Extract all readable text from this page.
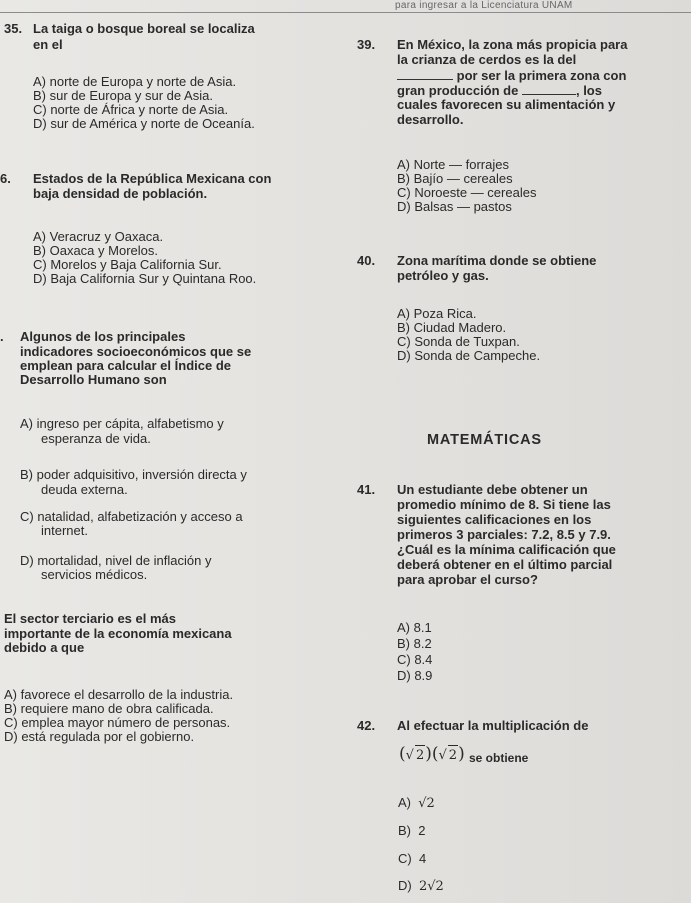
para ingresar a la Licenciatura UNAM
35. La taiga o bosque boreal se localiza
en el
A) norte de Europa y norte de Asia.
B) sur de Europa y sur de Asia.
C) norte de África y norte de Asia.
D) sur de América y norte de Oceanía.
6. Estados de la República Mexicana con
baja densidad de población.
A) Veracruz y Oaxaca.
B) Oaxaca y Morelos.
C) Morelos y Baja California Sur.
D) Baja California Sur y Quintana Roo.
. Algunos de los principales
indicadores socioeconómicos que se
emplean para calcular el Índice de
Desarrollo Humano son
A) ingreso per cápita, alfabetismo y
esperanza de vida.
B) poder adquisitivo, inversión directa y
deuda externa.
C) natalidad, alfabetización y acceso a
internet.
D) mortalidad, nivel de inflación y
servicios médicos.
El sector terciario es el más
importante de la economía mexicana
debido a que
A) favorece el desarrollo de la industria.
B) requiere mano de obra calificada.
C) emplea mayor número de personas.
D) está regulada por el gobierno.
39. En México, la zona más propicia para
la crianza de cerdos es la del
por ser la primera zona con
gran producción de	, los
cuales favorecen su alimentación y
desarrollo.
A) Norte — forrajes
B) Bajío — cereales
C) Noroeste — cereales
D) Balsas — pastos
40. Zona marítima donde se obtiene
petróleo y gas.
A) Poza Rica.
B) Ciudad Madero.
C) Sonda de Tuxpan.
D) Sonda de Campeche.
MATEMÁTICAS
41. Un estudiante debe obtener un
promedio mínimo de 8. Si tiene las
siguientes calificaciones en los
primeros 3 parciales: 7.2, 8.5 y 7.9.
¿Cuál es la mínima calificación que
deberá obtener en el último parcial
para aprobar el curso?
A) 8.1
B) 8.2
C) 8.4
D) 8.9
42. Al efectuar la multiplicación de
(√ 2)(√ 2) se obtiene
A) √2
B) 2
C) 4
D) 2√2
